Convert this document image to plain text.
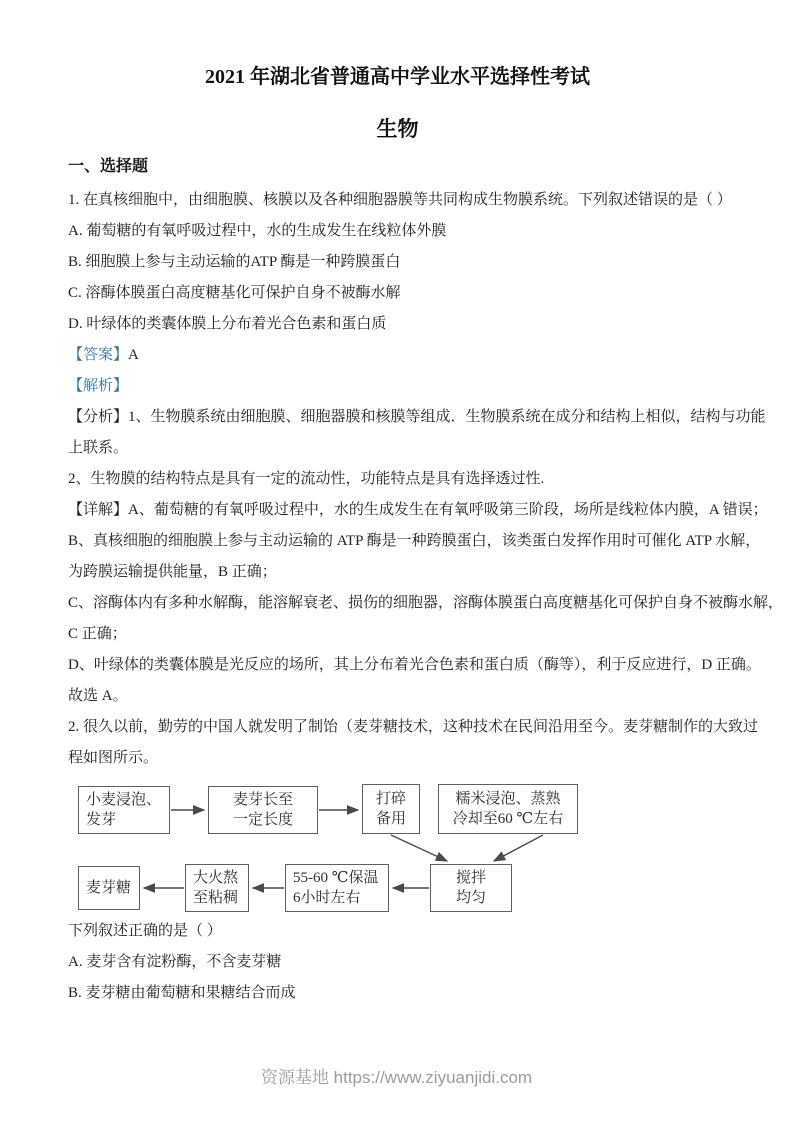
2021 年湖北省普通高中学业水平选择性考试
生物
一、选择题

1. 在真核细胞中，由细胞膜、核膜以及各种细胞器膜等共同构成生物膜系统。下列叙述错误的是（ ）

A. 葡萄糖的有氧呼吸过程中，水的生成发生在线粒体外膜

B. 细胞膜上参与主动运输的ATP 酶是一种跨膜蛋白

C. 溶酶体膜蛋白高度糖基化可保护自身不被酶水解

D. 叶绿体的类囊体膜上分布着光合色素和蛋白质

【答案】A

【解析】

【分析】1、生物膜系统由细胞膜、细胞器膜和核膜等组成．生物膜系统在成分和结构上相似，结构与功能

上联系。

2、生物膜的结构特点是具有一定的流动性，功能特点是具有选择透过性.

【详解】A、葡萄糖的有氧呼吸过程中，水的生成发生在有氧呼吸第三阶段，场所是线粒体内膜，A 错误；

B、真核细胞的细胞膜上参与主动运输的 ATP 酶是一种跨膜蛋白，该类蛋白发挥作用时可催化 ATP 水解，

为跨膜运输提供能量，B 正确；

C、溶酶体内有多种水解酶，能溶解衰老、损伤的细胞器，溶酶体膜蛋白高度糖基化可保护自身不被酶水解，

C 正确；

D、叶绿体的类囊体膜是光反应的场所，其上分布着光合色素和蛋白质（酶等），利于反应进行，D 正确。

故选 A。

2. 很久以前，勤劳的中国人就发明了制饴（麦芽糖技术，这种技术在民间沿用至今。麦芽糖制作的大致过

程如图所示。

小麦浸泡、
发芽
麦芽长至
一定长度
打碎
备用
糯米浸泡、蒸熟
冷却至60 ℃左右
搅拌
均匀
55-60 ℃保温
6小时左右
大火熬
至粘稠
麦芽糖

下列叙述正确的是（ ）

A. 麦芽含有淀粉酶，不含麦芽糖

B. 麦芽糖由葡萄糖和果糖结合而成

资源基地 https://www.ziyuanjidi.com
